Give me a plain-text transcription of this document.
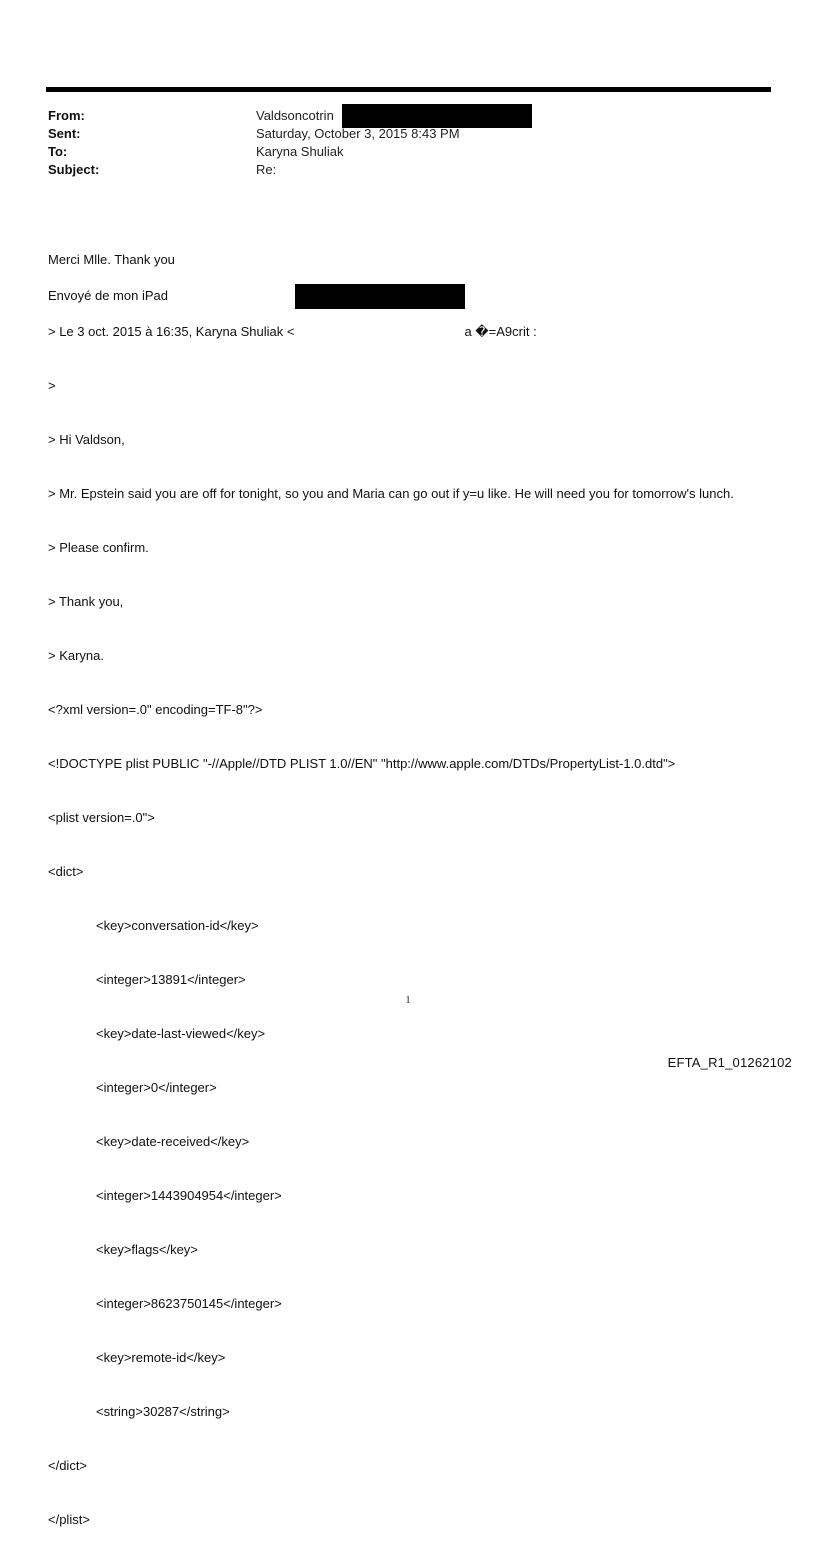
From:	Valdsoncotrin
Sent:	Saturday, October 3, 2015 8:43 PM
To:	Karyna Shuliak
Subject:	Re:

Merci Mlle. Thank you

Envoyé de mon iPad

> Le 3 oct. 2015 à 16:35, Karyna Shuliak <	a �=A9crit :

>

> Hi Valdson,

> Mr. Epstein said you are off for tonight, so you and Maria can go out if y=u like. He will need you for tomorrow's lunch.

> Please confirm.

> Thank you,

> Karyna.

<?xml version=.0" encoding=TF-8"?>

<!DOCTYPE plist PUBLIC "-//Apple//DTD PLIST 1.0//EN" "http://www.apple.com/DTDs/PropertyList-1.0.dtd">

<plist version=.0">

<dict>

<key>conversation-id</key>

<integer>13891</integer>

<key>date-last-viewed</key>

<integer>0</integer>

<key>date-received</key>

<integer>1443904954</integer>

<key>flags</key>

<integer>8623750145</integer>

<key>remote-id</key>

<string>30287</string>

</dict>

</plist>

1
EFTA_R1_01262102
